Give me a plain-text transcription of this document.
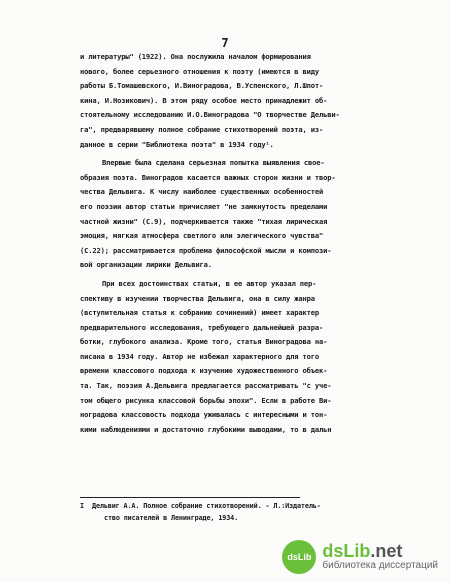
7
и литературы" (1922). Она послужила началом формирования
нового, более серьезного отношения к поэту (имеются в виду
работы Б.Томашевского, И.Виноградова, В.Успенского, Л.Шпот-
кина, И.Нозикович). В этом ряду особое место принадлежит об-
стоятельному исследованию И.О.Виноградова "О творчестве Дельви-
га", предварявшему полное собрание стихотворений поэта, из-
данное в серии "Библиотека поэта" в 1934 году¹.
Впервые была сделана серьезная попытка выявления свое-
образия поэта. Виноградов касается важных сторон жизни и твор-
чества Дельвига. К числу наиболее существенных особенностей
его поэзии автор статьи причисляет "не замкнутость пределами
частной жизни" (С.9), подчеркивается также "тихая лирическая
эмоция, мягкая атмосфера светлого или элегического чувства"
(С.22); рассматривается проблема философской мысли и компози-
вой организации лирики Дельвига.
При всех достоинствах статьи, в ее автор указал пер-
спективу в изучении творчества Дельвига, она в силу жанра
(вступительная статья к собранию сочинений) имеет характер
предварительного исследования, требующего дальнейшей разра-
ботки, глубокого анализа. Кроме того, статья Виноградова на-
писана в 1934 году. Автор не избежал характерного для того
времени классового подхода к изучению художественного объек-
та. Так, поэзия А.Дельвига предлагается рассматривать "с уче-
том общего рисунка классовой борьбы эпохи". Если в работе Ви-
ноградова классовость подхода уживалась с интересными и тон-
кими наблюдениями и достаточно глубокими выводами, то в дальн
I Дельвиг А.А. Полное собрание стихотворений. - Л.:Издатель-
ство писателей в Ленинграде, 1934.
dsLib dsLib.net
библиотека диссертаций
